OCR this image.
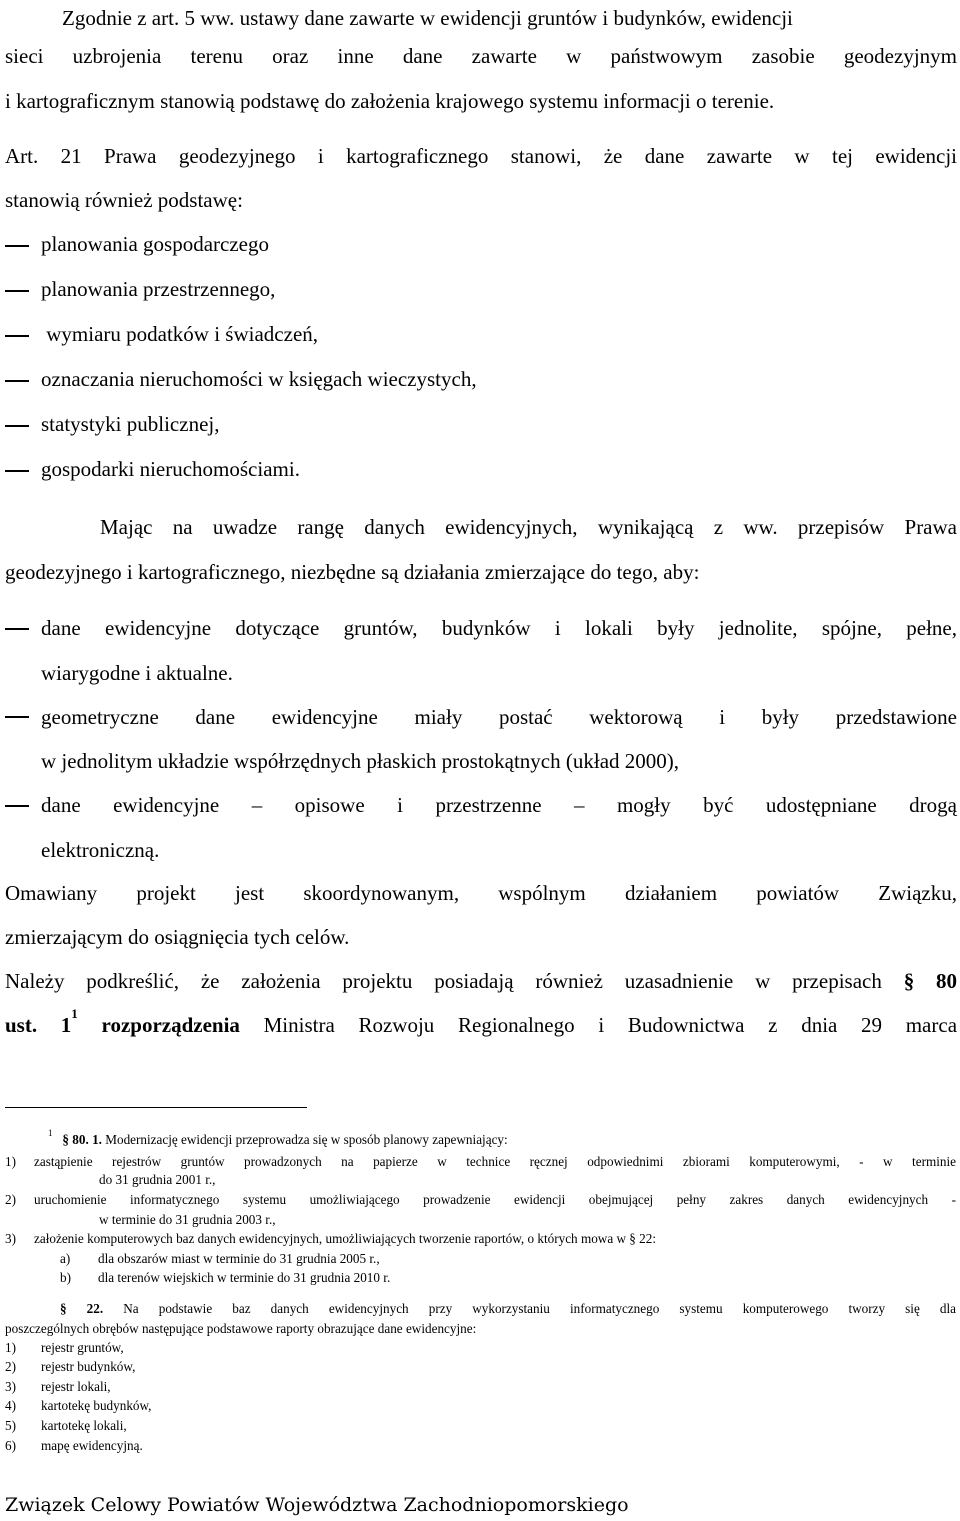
Zgodnie z art. 5 ww. ustawy dane zawarte w ewidencji gruntów i budynków, ewidencji
sieci uzbrojenia terenu oraz inne dane zawarte w państwowym zasobie geodezyjnym
i kartograficznym stanowią podstawę do założenia krajowego systemu informacji o terenie.
Art. 21 Prawa geodezyjnego i kartograficznego stanowi, że dane zawarte w tej ewidencji
stanowią również podstawę:
planowania gospodarczego
planowania przestrzennego,
wymiaru podatków i świadczeń,
oznaczania nieruchomości w księgach wieczystych,
statystyki publicznej,
gospodarki nieruchomościami.
Mając na uwadze rangę danych ewidencyjnych, wynikającą z ww. przepisów Prawa
geodezyjnego i kartograficznego, niezbędne są działania zmierzające do tego, aby:
dane ewidencyjne dotyczące gruntów, budynków i lokali były jednolite, spójne, pełne,
wiarygodne i aktualne.
geometryczne dane ewidencyjne miały postać wektorową i były przedstawione
w jednolitym układzie współrzędnych płaskich prostokątnych (układ 2000),
dane ewidencyjne – opisowe i przestrzenne – mogły być udostępniane drogą
elektroniczną.
Omawiany projekt jest skoordynowanym, wspólnym działaniem powiatów Związku,
zmierzającym do osiągnięcia tych celów.
Należy podkreślić, że założenia projektu posiadają również uzasadnienie w przepisach § 80
ust. $1^1$ rozporządzenia Ministra Rozwoju Regionalnego i Budownictwa z dnia 29 marca
$^1$ § 80. 1. Modernizację ewidencji przeprowadza się w sposób planowy zapewniający:
1) zastąpienie rejestrów gruntów prowadzonych na papierze w technice ręcznej odpowiednimi zbiorami komputerowymi, - w terminie
do 31 grudnia 2001 r.,
2) uruchomienie informatycznego systemu umożliwiającego prowadzenie ewidencji obejmującej pełny zakres danych ewidencyjnych -
w terminie do 31 grudnia 2003 r.,
3) założenie komputerowych baz danych ewidencyjnych, umożliwiających tworzenie raportów, o których mowa w § 22:
a) dla obszarów miast w terminie do 31 grudnia 2005 r.,
b) dla terenów wiejskich w terminie do 31 grudnia 2010 r.
§ 22. Na podstawie baz danych ewidencyjnych przy wykorzystaniu informatycznego systemu komputerowego tworzy się dla
poszczególnych obrębów następujące podstawowe raporty obrazujące dane ewidencyjne:
1) rejestr gruntów,
2) rejestr budynków,
3) rejestr lokali,
4) kartotekę budynków,
5) kartotekę lokali,
6) mapę ewidencyjną.
Związek Celowy Powiatów Województwa Zachodniopomorskiego
